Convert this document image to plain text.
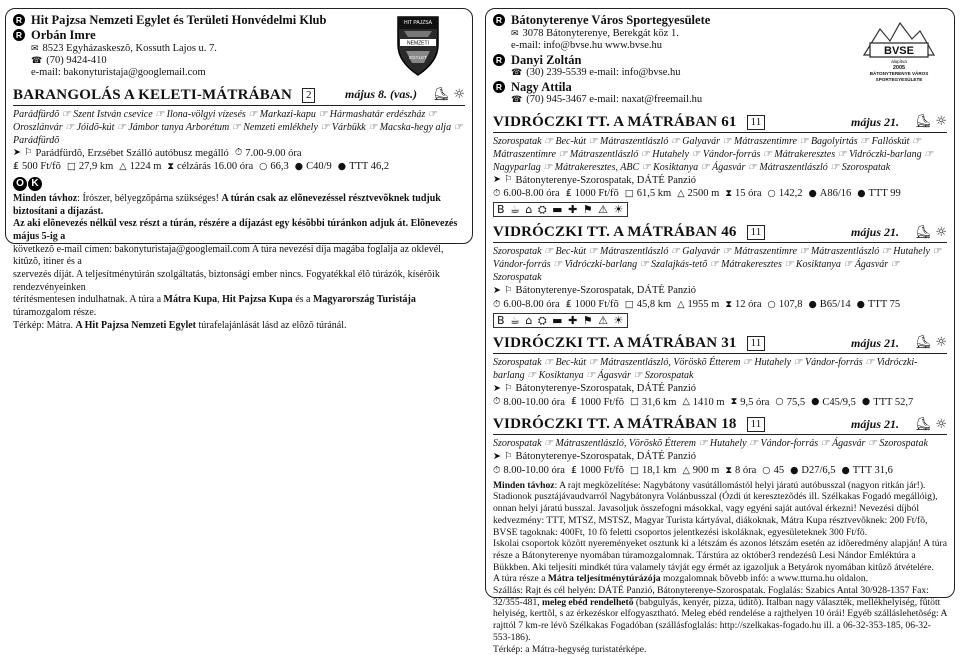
HIT PAJZSA
NEMZETI
EGYLET
R Hit Pajzsa Nemzeti Egylet és Területi Honvédelmi Klub
R Orbán Imre
✉ 8523 Egyházaskeszõ, Kossuth Lajos u. 7.
☎ (70) 9424-410
e-mail: bakonyturistaja@googlemail.com
BARANGOLÁS A KELETI-MÁTRÁBAN	2	május 8. (vas.)	⛸ ☼
Parádfürdõ ☞ Szent István csevice ☞ Ilona-völgyi vízesés ☞ Markazi-kapu ☞ Hármashatár erdészház ☞ Oroszlánvár ☞ Jóidõ-kút ☞ Jámbor tanya Arborétum ☞ Nemzeti emlékhely ☞ Várbükk ☞ Macska-hegy alja ☞ Parádfürdõ
➤ ⚐ Parádfürdõ, Erzsébet Szálló autóbusz megálló ⏱ 7.00-9.00 óra
₤ 500 Ft/fõ □ 27,9 km △ 1224 m ⧗ célzárás 16.00 óra ○ 66,3 ● C40/9 ● TTT 46,2
O K
Minden távhoz: Írószer, bélyegzõpárna szükséges! A túrán csak az elõnevezéssel résztvevõknek tudjuk biztosítani a díjazást.
Az aki elõnevezés nélkül vesz részt a túrán, részére a díjazást egy késõbbi túránkon adjuk át. Elõnevezés május 5-ig a
következõ e-mail címen: bakonyturistaja@googlemail.com A túra nevezési díja magába foglalja az oklevél, kitûzõ, itiner és a
szervezés díját. A teljesítménytúrán szolgáltatás, biztonsági ember nincs. Fogyatékkal élõ túrázók, kísérõik rendezvényeinken
térítésmentesen indulhatnak. A túra a Mátra Kupa, Hit Pajzsa Kupa és a Magyarország Turistája túramozgalom része.
Térkép: Mátra. A Hit Pajzsa Nemzeti Egylet túrafelajánlását lásd az elõzõ túránál.
BVSE
alapítva
2005
BÁTONYTERENYE VÁROS
SPORTEGYESÜLETE
R Bátonyterenye Város Sportegyesülete
✉ 3078 Bátonyterenye, Berekgát köz 1.
e-mail: info@bvse.hu www.bvse.hu
R Danyi Zoltán
☎ (30) 239-5539 e-mail: info@bvse.hu
R Nagy Attila
☎ (70) 945-3467 e-mail: naxat@freemail.hu
VIDRÓCZKI TT. A MÁTRÁBAN 61	11	május 21.	⛸ ☼
Szorospatak ☞ Bec-kút ☞ Mátraszentlászló ☞ Galyavár ☞ Mátraszentimre ☞ Bagolyirtás ☞ Fallóskút ☞ Mátraszentimre ☞ Mátraszentlászló ☞ Hutahely ☞ Vándor-forrás ☞ Mátrakeresztes ☞ Vidróczki-barlang ☞ Nagyparlag ☞ Mátrakeresztes, ABC ☞ Kosiktanya ☞ Ágasvár ☞ Mátraszentlászló ☞ Szorospatak
➤ ⚐ Bátonyterenye-Szorospatak, DÁTÉ Panzió
⏱ 6.00-8.00 óra ₤ 1000 Ft/fõ □ 61,5 km △ 2500 m ⧗ 15 óra ○ 142,2 ● A86/16 ● TTT 99
B ☕ ⌂ ⛭ ▬ ✚ ⚑ ⚠ ☀
VIDRÓCZKI TT. A MÁTRÁBAN 46	11	május 21.	⛸ ☼
Szorospatak ☞ Bec-kút ☞ Mátraszentlászló ☞ Galyavár ☞ Mátraszentimre ☞ Mátraszentlászló ☞ Hutahely ☞ Vándor-forrás ☞ Vidróczki-barlang ☞ Szalajkás-tetõ ☞ Mátrakeresztes ☞ Kosiktanya ☞ Ágasvár ☞ Szorospatak
➤ ⚐ Bátonyterenye-Szorospatak, DÁTÉ Panzió
⏱ 6.00-8.00 óra ₤ 1000 Ft/fõ □ 45,8 km △ 1955 m ⧗ 12 óra ○ 107,8 ● B65/14 ● TTT 75
B ☕ ⌂ ⛭ ▬ ✚ ⚑ ⚠ ☀
VIDRÓCZKI TT. A MÁTRÁBAN 31	11	május 21.	⛸ ☼
Szorospatak ☞ Bec-kút ☞ Mátraszentlászló, Vöröskõ Étterem ☞ Hutahely ☞ Vándor-forrás ☞ Vidróczki-barlang ☞ Kosiktanya ☞ Ágasvár ☞ Szorospatak
➤ ⚐ Bátonyterenye-Szorospatak, DÁTÉ Panzió
⏱ 8.00-10.00 óra ₤ 1000 Ft/fõ □ 31,6 km △ 1410 m ⧗ 9,5 óra ○ 75,5 ● C45/9,5 ● TTT 52,7
VIDRÓCZKI TT. A MÁTRÁBAN 18	11	május 21.	⛸ ☼
Szorospatak ☞ Mátraszentlászló, Vöröskõ Étterem ☞ Hutahely ☞ Vándor-forrás ☞ Ágasvár ☞ Szorospatak
➤ ⚐ Bátonyterenye-Szorospatak, DÁTÉ Panzió
⏱ 8.00-10.00 óra ₤ 1000 Ft/fõ □ 18,1 km △ 900 m ⧗ 8 óra ○ 45 ● D27/6,5 ● TTT 31,6
Minden távhoz: A rajt megközelítése: Nagybátony vasútállomástól helyi járatú autóbusszal (nagyon ritkán jár!). Stadionok pusztájávaudvarról Nagybátonyra Volánbusszal (Ózdi út keresztezõdés ill. Szélkakas Fogadó megállóig), onnan helyi járatú busszal. Javasoljuk összefogni másokkal, vagy egyéni saját autóval érkezni! Nevezési díjból kedvezmény: TTT, MTSZ, MSTSZ, Magyar Turista kártyával, diákoknak, Mátra Kupa résztvevõknek: 200 Ft/fõ, BVSE tagoknak: 400Ft, 10 fõ feletti csoportos jelentkezési iskoláknak, egyesületeknek 300 Ft/fõ.
Iskolai csoportok között nyereményeket osztunk ki a létszám és azonos létszám esetén az idõeredmény alapján! A túra része a Bátonyterenye nyomában túramozgalomnak. Társtúra az október3 rendezésû Lesi Nándor Emléktúra a Bükkben. Aki teljesíti mindkét túra valamely távját egy érmét az igazoljuk a Betyárok nyomában kitûzõ átvételére.
A túra része a Mátra teljesítménytúrázója mozgalomnak bõvebb infó: a www.tturna.hu oldalon.
Szállás: Rajt és cél helyén: DÁTÉ Panzió, Bátonyterenye-Szorospatak. Foglalás: Szabics Antal 30/928-1357 Fax: 32/355-481, meleg ebéd rendelhetõ (babgulyás, kenyér, pizza, üdítõ). Italban nagy választék, mellékhelyiség, fûtött helyiség, kerttõl, s az érkezéskor elfogyasztható. Meleg ebéd rendelése a rajthelyen 10 órái! Egyéb szálláslehetõség: A rajttól 7 km-re lévõ Szélkakas Fogadóban (szállásfoglalás: http://szelkakas-fogado.hu ill. a 06-32-353-185, 06-32-553-186).
Térkép: a Mátra-hegység turistatérképe.
